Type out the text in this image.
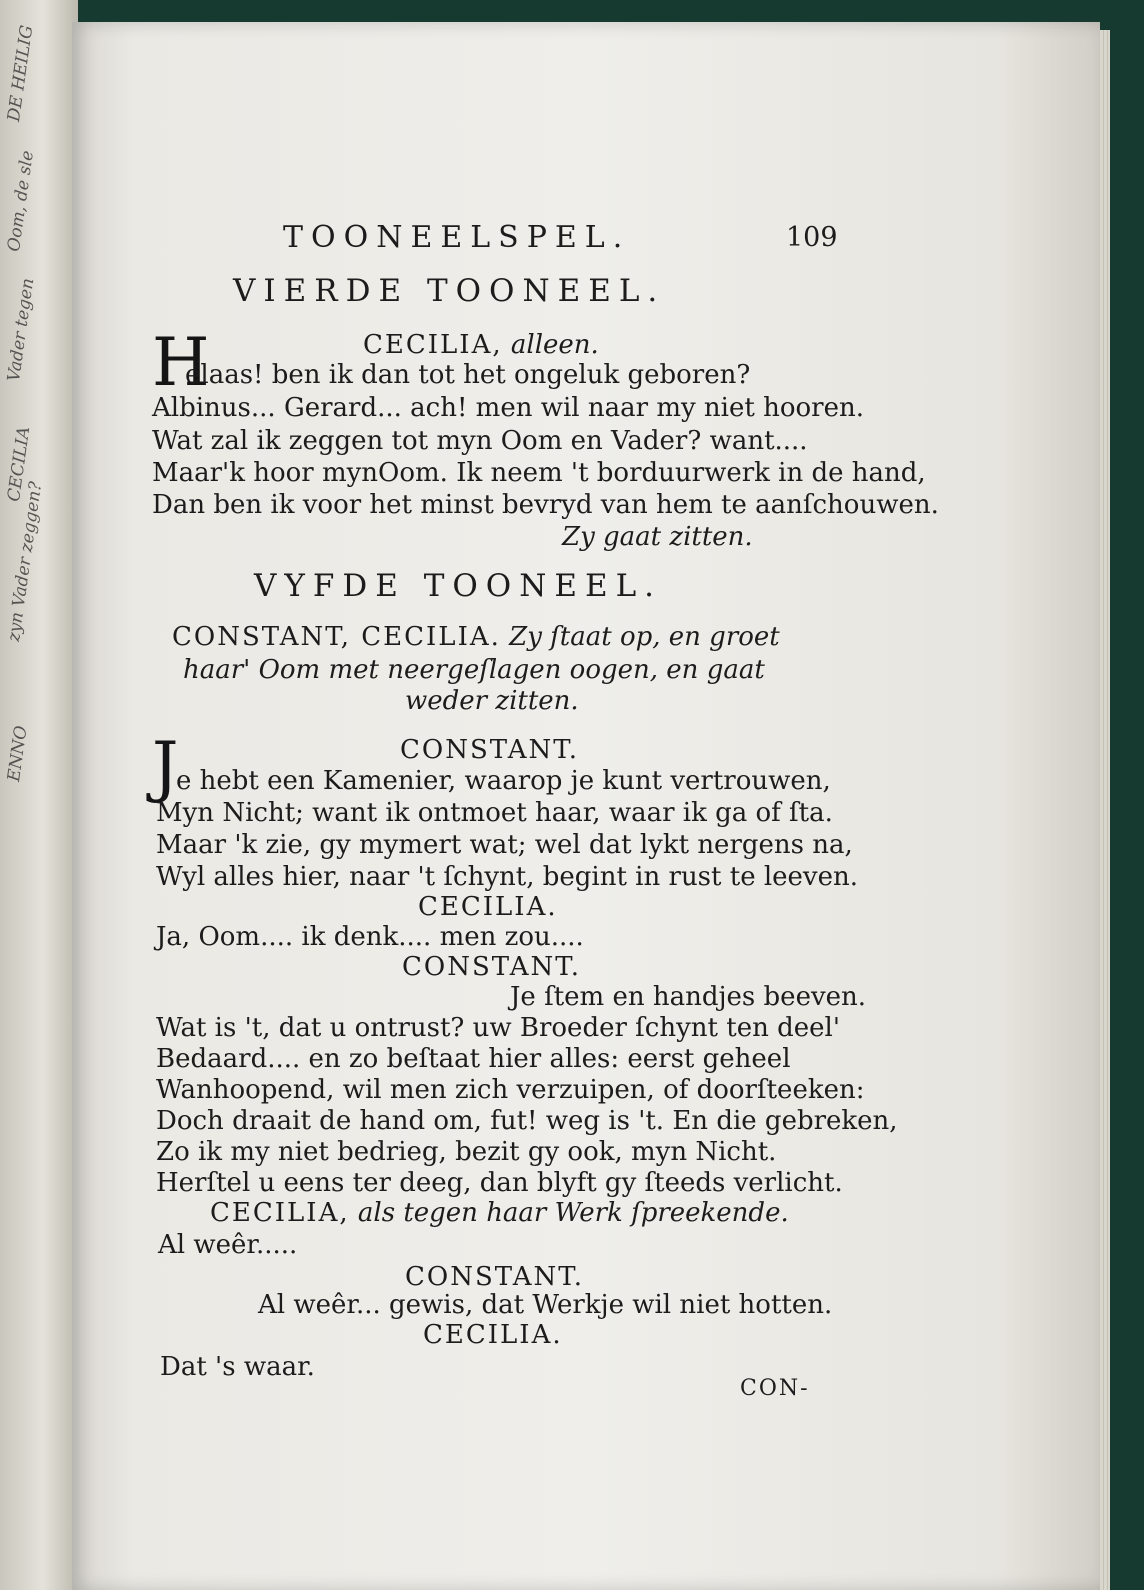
DE HEILIG
Oom, de sle
Vader tegen
CECILIA
zyn Vader zeggen?
ENNO
TOONEELSPEL.	109
VIERDE TOONEEL.
CECILIA, alleen.
H
elaas! ben ik dan tot het ongeluk geboren?
Albinus... Gerard... ach! men wil naar my niet hooren.
Wat zal ik zeggen tot myn Oom en Vader? want....
Maar'k hoor mynOom. Ik neem 't borduurwerk in de hand,
Dan ben ik voor het minst bevryd van hem te aanſchouwen.
Zy gaat zitten.
VYFDE TOONEEL.
CONSTANT, CECILIA. Zy ſtaat op, en groet
haar' Oom met neergeſlagen oogen, en gaat
weder zitten.
CONSTANT.
J
e hebt een Kamenier, waarop je kunt vertrouwen,
Myn Nicht; want ik ontmoet haar, waar ik ga of ſta.
Maar 'k zie, gy mymert wat; wel dat lykt nergens na,
Wyl alles hier, naar 't ſchynt, begint in rust te leeven.
CECILIA.
Ja, Oom.... ik denk.... men zou....
CONSTANT.
Je ſtem en handjes beeven.
Wat is 't, dat u ontrust? uw Broeder ſchynt ten deel'
Bedaard.... en zo beſtaat hier alles: eerst geheel
Wanhoopend, wil men zich verzuipen, of doorſteeken:
Doch draait de hand om, fut! weg is 't. En die gebreken,
Zo ik my niet bedrieg, bezit gy ook, myn Nicht.
Herſtel u eens ter deeg, dan blyft gy ſteeds verlicht.
CECILIA, als tegen haar Werk ſpreekende.
Al weêr.....
CONSTANT.
Al weêr... gewis, dat Werkje wil niet hotten.
CECILIA.
Dat 's waar.
CON-
